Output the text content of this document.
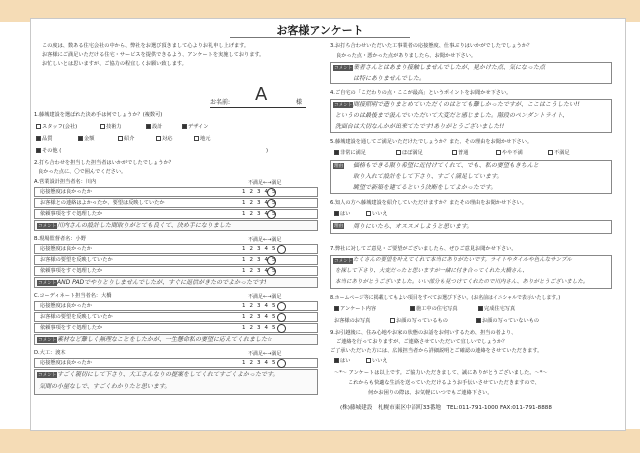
お客様アンケート
この度は、数ある住宅会社の中から、弊社をお選び頂きまして心よりお礼申し上げます。
お客様にご満足いただける住宅・サービスを提供できるよう、アンケートを実施しております。
お忙しいとは思いますが、ご協力の程宜しくお願い致します。
お名前: A	様
1.藤城建設を選ばれた決め手は何でしょうか？(複数可)
スタッフ(会社)	技術力	設計	デザイン
品質	金額	紹介	対応	地元
その他 (	)
2.打ち合わせを担当した担当者はいかがでしたでしょうか？
良かった点に、〇で囲んでください。
A.営業設計担当者名：川内	不満足←→満足
応接態度は良かったか	12345
お客様との連絡はよかったか、要望は反映していたか	12345
依頼事項をすぐ処理したか	12345
コメント 川内さんの設計した間取りがとても良くて、決め手になりました
B.現場監督者名：小野	不満足←→満足
応接態度は良かったか	12345
お客様の要望を反映していたか	12345
依頼事項をすぐ処理したか	12345
コメント AND PADでやりとりしませんでしたが、すぐに返信がきたのでよかったです!
C.コーディネート担当者名：大橋	不満足←→満足
応接態度は良かったか	12345
お客様の要望を反映していたか	12345
依頼事項をすぐ処理したか	12345
コメント 素材など難しく無理なことをしたかが、一生懸命私の要望に応えてくれました☆
D.大工：渡木	不満足←→満足
応接態度は良かったか	12345
コメント すごく親切にして下さり、大工さんなりの提案をしてくれてすごくよかったです。
気間の小屋なしで、すごくわかりたと思います。
3.お打ち合わせいただいた工事業者の応接態度、仕事ぶりはいかがでしたでしょうか？
良かった点・悪かった点がありましたら、お聞かせ下さい。
コメント 業者さんとはあまり接触しませんでしたが、見かけた点、気になった点
は特にありませんでした。
4.ご自宅の「こだわりの点・ここが最高」というポイントをお聞かせ下さい。
コメント 間接照明で造りまとめていただくのはとても難しかったですが、ここはこうしたい!!
というのは最後まで汲んでいただいて大変だと感じました。階段のペンダントライト、
洗面台は大切なんかが出来てたです!ありがとうございました!!
5.藤城建設を通してご満足いただけたでしょうか？また、その理由をお聞かせ下さい。
非常に満足	ほぼ満足	普通	やや不満	不満足
理由 価格もできる限り希望に近付けてくれて、でも、私の要望もきちんと
取り入れて設計をして下さり、すごく満足しています。
眺望で新築を建てるという決断をしてよかったです。
6.知人の方へ藤城建設を紹介していただけますか？またその理由をお聞かせ下さい。
はい	いいえ
理由 周りにいたら、オススメしようと思います。
7.弊社に対してご意見・ご要望がございましたら、ぜひご意見お聞かせ下さい。
コメント たくさんの要望を叶えてくれて本当にありがたいです。ライトやタイルや色んなサンプル
を探して下さり、大変だったと思いますが一緒に付き合ってくれた大橋さん、
本当にありがとうございました。いい部分も見つけてくれたので川内さん、ありがとうございました。
8.ホームページ等に掲載してもよい項目をすべてお選び下さい。(お名前はイニシャルで表示いたします。)
アンケート内容	施工中の住宅写真	完成住宅写真
お客様のお写真	お顔の写っているもの	お顔の写っていないもの
9.お引越後に、住み心地やお家の状態のお話をお伺いするため、担当の者より、
ご連絡を行っておりますが、ご連絡させていただいて宜しいでしょうか？
ご了承いただいた方には、広報担当者から詳細説明とご確認の連絡をさせていただきます。
はい	いいえ
～*～ アンケートは以上です。ご協力いただきまして、誠にありがとうございました。～*～
これからも快適な生活を送っていただけるようお手伝いさせていただきますので、
何かお困りの際は、お気軽にいつでもご連絡下さい。
(株)藤城建設　 札幌市東区中沼町33番地　 TEL:011-791-1000 FAX:011-791-8888
